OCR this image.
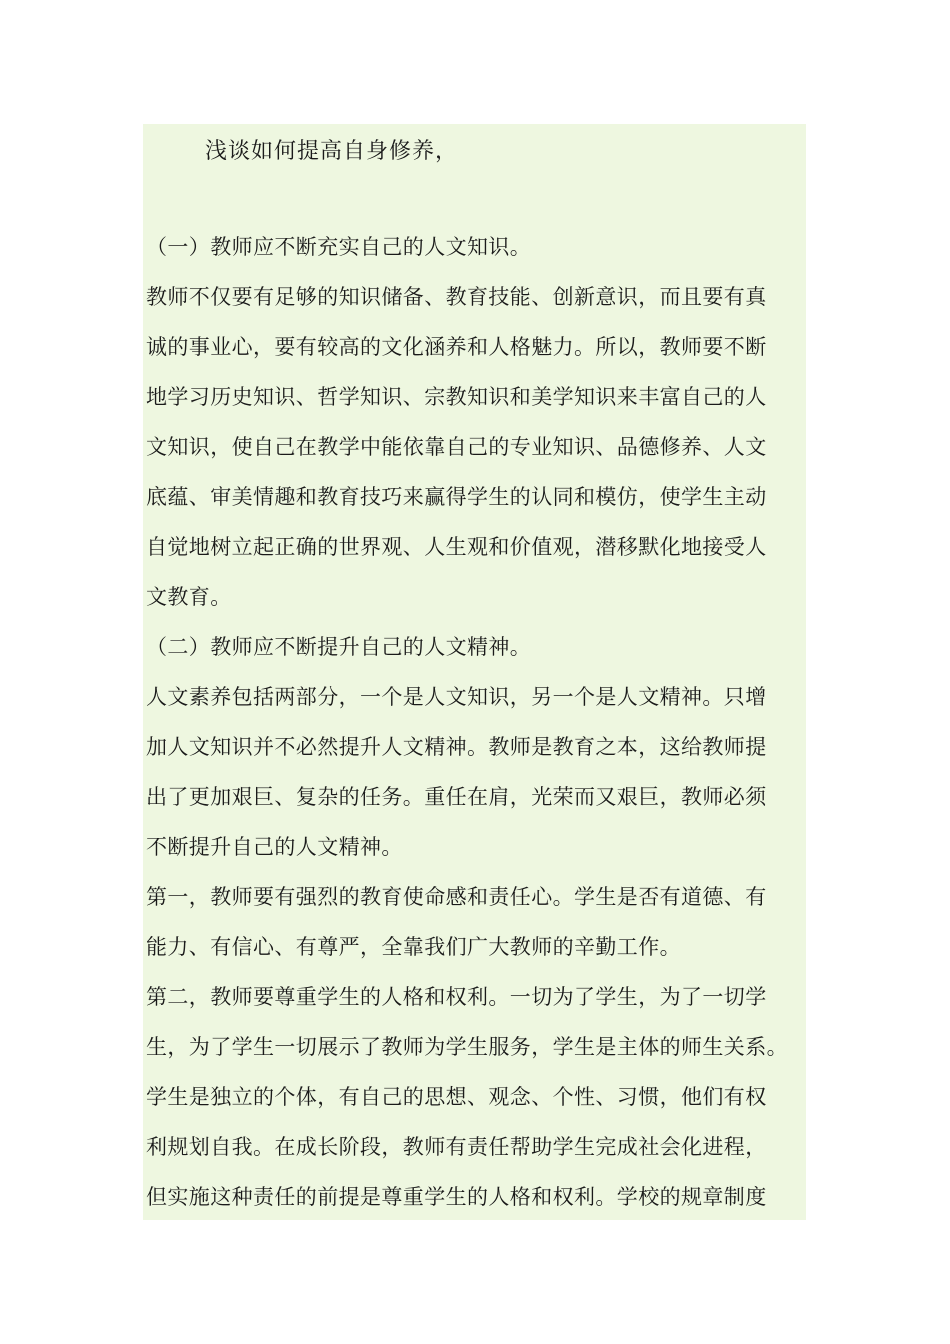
浅谈如何提高自身修养，
（一）教师应不断充实自己的人文知识。
教师不仅要有足够的知识储备、教育技能、创新意识，而且要有真
诚的事业心，要有较高的文化涵养和人格魅力。所以，教师要不断
地学习历史知识、哲学知识、宗教知识和美学知识来丰富自己的人
文知识，使自己在教学中能依靠自己的专业知识、品德修养、人文
底蕴、审美情趣和教育技巧来赢得学生的认同和模仿，使学生主动
自觉地树立起正确的世界观、人生观和价值观，潜移默化地接受人
文教育。
（二）教师应不断提升自己的人文精神。
人文素养包括两部分，一个是人文知识，另一个是人文精神。只增
加人文知识并不必然提升人文精神。教师是教育之本，这给教师提
出了更加艰巨、复杂的任务。重任在肩，光荣而又艰巨，教师必须
不断提升自己的人文精神。
第一，教师要有强烈的教育使命感和责任心。学生是否有道德、有
能力、有信心、有尊严，全靠我们广大教师的辛勤工作。
第二，教师要尊重学生的人格和权利。一切为了学生，为了一切学
生，为了学生一切展示了教师为学生服务，学生是主体的师生关系。
学生是独立的个体，有自己的思想、观念、个性、习惯，他们有权
利规划自我。在成长阶段，教师有责任帮助学生完成社会化进程，
但实施这种责任的前提是尊重学生的人格和权利。学校的规章制度
